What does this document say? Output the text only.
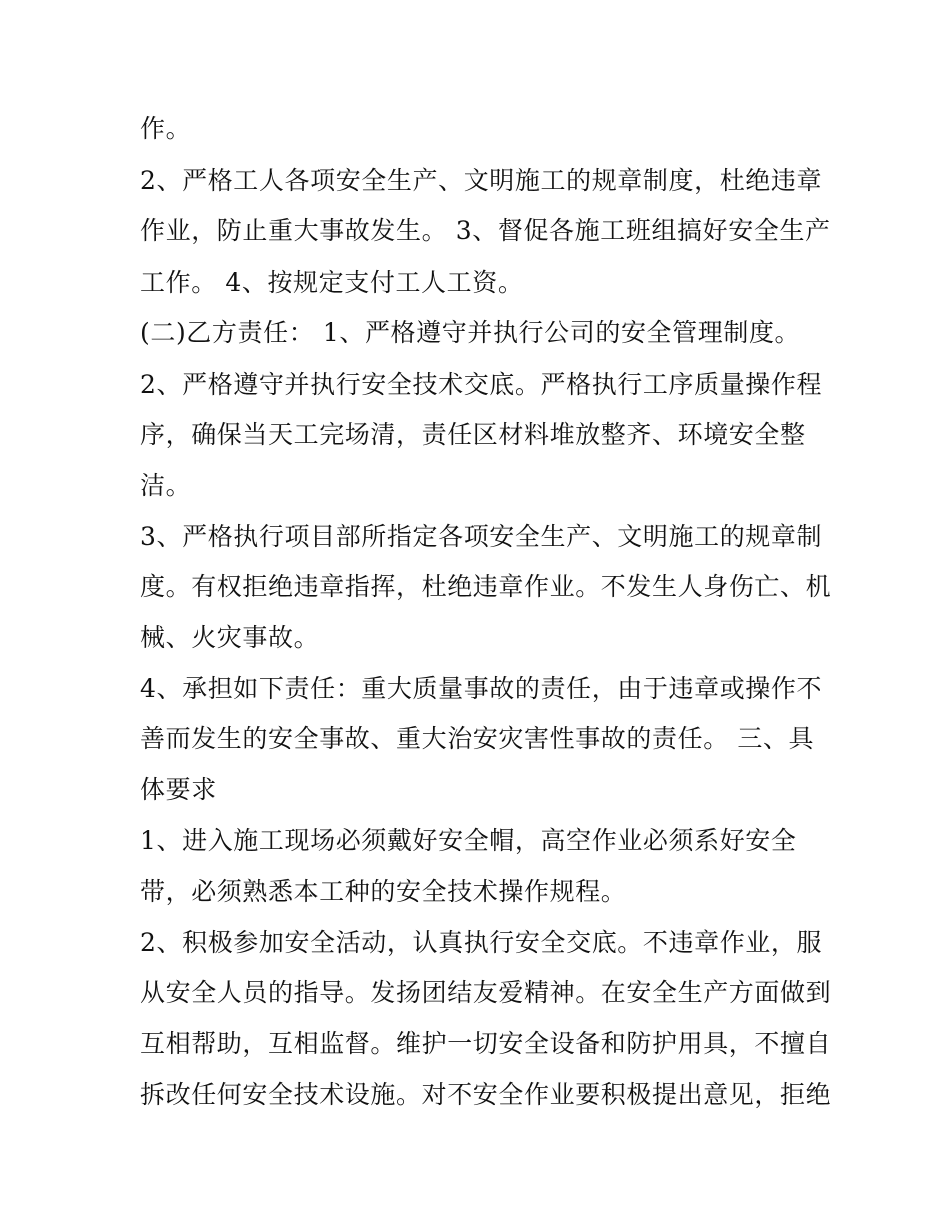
作。
2、严格工人各项安全生产、文明施工的规章制度，杜绝违章
作业，防止重大事故发生。 3、督促各施工班组搞好安全生产
工作。 4、按规定支付工人工资。
(二)乙方责任： 1、严格遵守并执行公司的安全管理制度。
2、严格遵守并执行安全技术交底。严格执行工序质量操作程
序，确保当天工完场清，责任区材料堆放整齐、环境安全整
洁。
3、严格执行项目部所指定各项安全生产、文明施工的规章制
度。有权拒绝违章指挥，杜绝违章作业。不发生人身伤亡、机
械、火灾事故。
4、承担如下责任：重大质量事故的责任，由于违章或操作不
善而发生的安全事故、重大治安灾害性事故的责任。 三、具
体要求
1、进入施工现场必须戴好安全帽，高空作业必须系好安全
带，必须熟悉本工种的安全技术操作规程。
2、积极参加安全活动，认真执行安全交底。不违章作业，服
从安全人员的指导。发扬团结友爱精神。在安全生产方面做到
互相帮助，互相监督。维护一切安全设备和防护用具，不擅自
拆改任何安全技术设施。对不安全作业要积极提出意见，拒绝
